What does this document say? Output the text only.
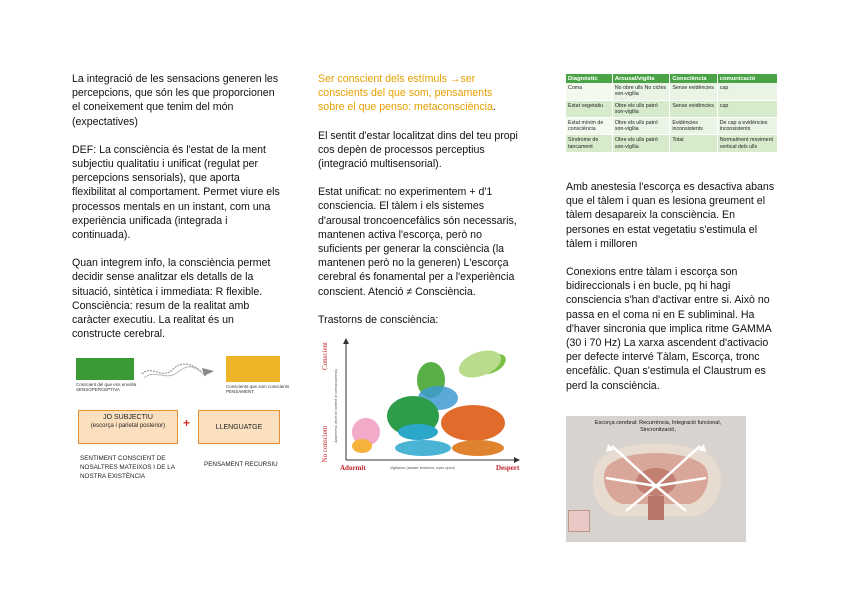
La integració de les sensacions generen les percepcions, que són les que proporcionen el coneixement que tenim del món (expectatives)

DEF: La consciència és l'estat de la ment subjectiu qualitatiu i unificat (regulat per percepcions sensorials), que aporta flexibilitat al comportament. Permet viure els processos mentals en un instant, com una experiència unificada (integrada i continuada).

Quan integrem info, la consciència permet decidir sense analitzar els detalls de la situació, sintètica i immediata: R flexible. Consciència: resum de la realitat amb caràcter executiu. La realitat és un constructe cerebral.

Conscient del que ens envolta SENSOPERCEPTIVA
Conscients que som conscients PENSAMENT
JO SUBJECTIU
(escorça i parietal posterior)	+	LLENGUATGE
SENTIMENT CONSCIENT DE NOSALTRES MATEIXOS I DE LA NOSTRA EXISTÈNCIA
PENSAMENT RECURSIU

Ser conscient dels estímuls →ser conscients del que som, pensaments sobre el que penso: metaconsciència.

El sentit d'estar localitzat dins del teu propi cos depèn de processos perceptius (integració multisensorial).

Estat unificat: no experimentem + d'1 consciencia. El tàlem i els sistemes d'arousal troncoencefàlics són necessaris, mantenen activa l'escorça, però no suficients per generar la consciència (la mantenen però no la generen) L'escorça cerebral és fonamental per a l'experiència conscient. Atenció ≠ Consciència.

Trastorns de consciència:

Conscient
No conscient
Awareness (level of content of consciousness)
Adormit	Despert
Vigilance (awake behavior, eyes open)
Diagnòstic	Arousal/vigília	Consciència	comunicació
Coma	No obre ulls No cicles son-vigília	Sense evidències	cap
Estat vegetatiu	Obre els ulls patró son-vigília	Sense evidències	cap
Estat mínim de consciència	Obre els ulls patró son-vigília	Evidències inconsistents	De cap a evidències inconsistents
Síndrome de tancament	Obre els ulls patró son-vigília	Total	Normalment moviment vertical dels ulls

Amb anestesia l'escorça es desactiva abans que el tàlem i quan es lesiona greument el tàlem desapareix la consciència. En persones en estat vegetatiu s'estimula el tàlem i milloren

Conexions entre tàlam i escorça son bidireccionals i en bucle, pq hi hagi consciencia s'han d'activar entre si. Això no passa en el coma ni en E subliminal. Ha d'haver sincronia que implica ritme GAMMA (30 i 70 Hz) La xarxa ascendent d'activacio per defecte intervé Tàlam, Escorça, tronc encefàlic. Quan s'estimula el Claustrum es perd la consciència.

Escorça cerebral: Recurrència, Integració funcional, Sincronització,
